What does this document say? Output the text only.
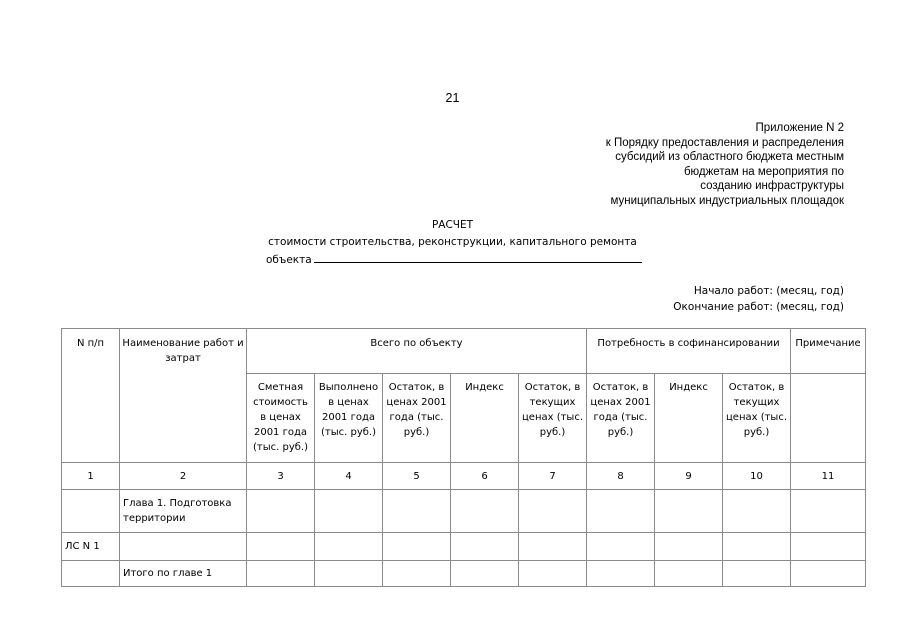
21
Приложение N 2
к Порядку предоставления и распределения
субсидий из областного бюджета местным
бюджетам на мероприятия по
созданию инфраструктуры
муниципальных индустриальных площадок
РАСЧЕТ
стоимости строительства, реконструкции, капитального ремонта
объекта
Начало работ: (месяц, год)
Окончание работ: (месяц, год)
N п/п	Наименование работ и затрат	Всего по объекту					Потребность в софинансировании			Примечание
		Сметная стоимость в ценах 2001 года (тыс. руб.)	Выполнено в ценах 2001 года (тыс. руб.)	Остаток, в ценах 2001 года (тыс. руб.)	Индекс	Остаток, в текущих ценах (тыс. руб.)	Остаток, в ценах 2001 года (тыс. руб.)	Индекс	Остаток, в текущих ценах (тыс. руб.)	
1	2	3	4	5	6	7	8	9	10	11
	Глава 1. Подготовка территории									
ЛС N 1										
	Итого по главе 1									
